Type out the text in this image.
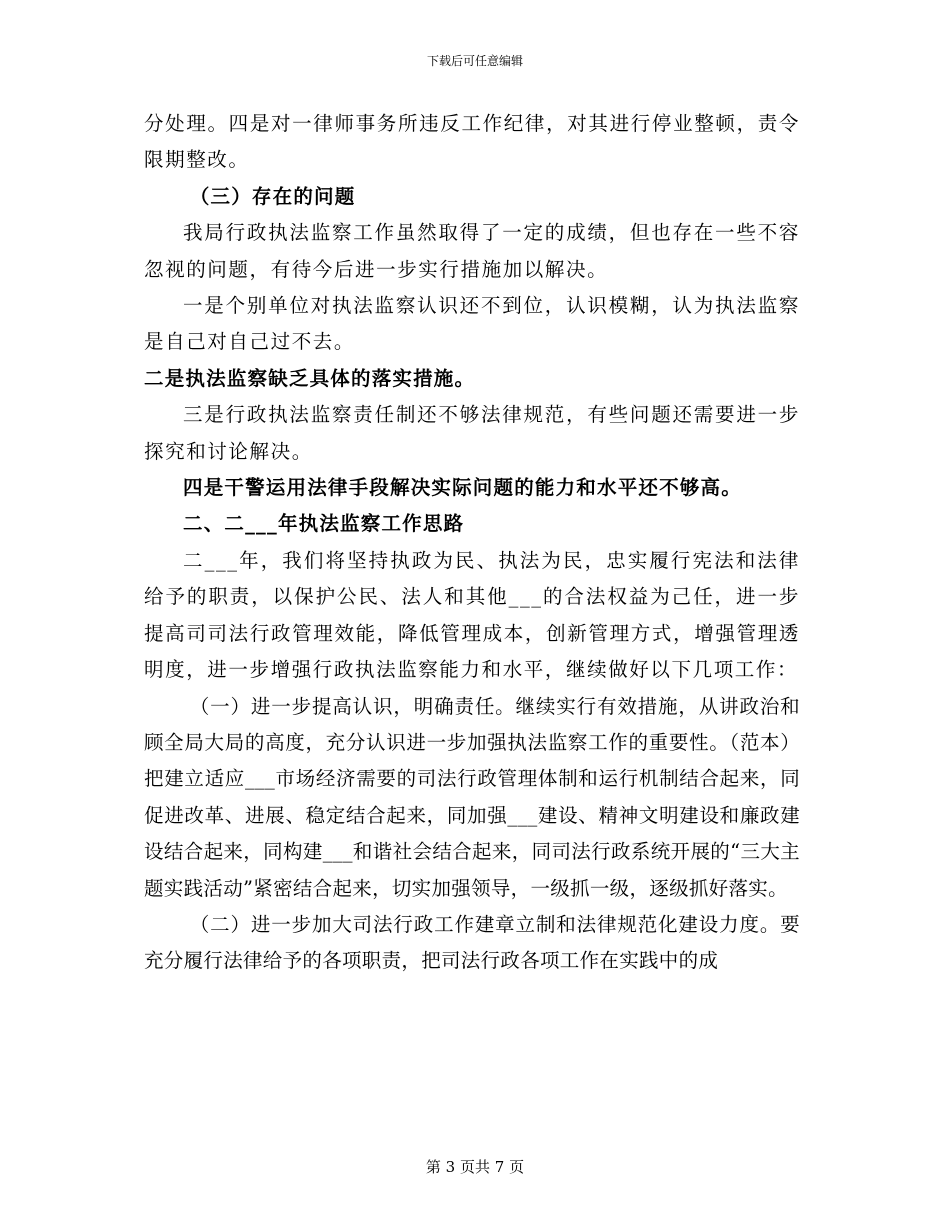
下载后可任意编辑

分处理。四是对一律师事务所违反工作纪律，对其进行停业整顿，责令限期整改。

（三）存在的问题

我局行政执法监察工作虽然取得了一定的成绩，但也存在一些不容忽视的问题，有待今后进一步实行措施加以解决。

一是个别单位对执法监察认识还不到位，认识模糊，认为执法监察是自己对自己过不去。

二是执法监察缺乏具体的落实措施。

三是行政执法监察责任制还不够法律规范，有些问题还需要进一步探究和讨论解决。

四是干警运用法律手段解决实际问题的能力和水平还不够高。

二、二___年执法监察工作思路

二___年，我们将坚持执政为民、执法为民，忠实履行宪法和法律给予的职责，以保护公民、法人和其他___的合法权益为己任，进一步提高司司法行政管理效能，降低管理成本，创新管理方式，增强管理透明度，进一步增强行政执法监察能力和水平，继续做好以下几项工作：

（一）进一步提高认识，明确责任。继续实行有效措施，从讲政治和顾全局大局的高度，充分认识进一步加强执法监察工作的重要性。（范本）把建立适应___市场经济需要的司法行政管理体制和运行机制结合起来，同促进改革、进展、稳定结合起来，同加强___建设、精神文明建设和廉政建设结合起来，同构建___和谐社会结合起来，同司法行政系统开展的“三大主题实践活动”紧密结合起来，切实加强领导，一级抓一级，逐级抓好落实。

（二）进一步加大司法行政工作建章立制和法律规范化建设力度。要充分履行法律给予的各项职责，把司法行政各项工作在实践中的成

第 3 页共 7 页
